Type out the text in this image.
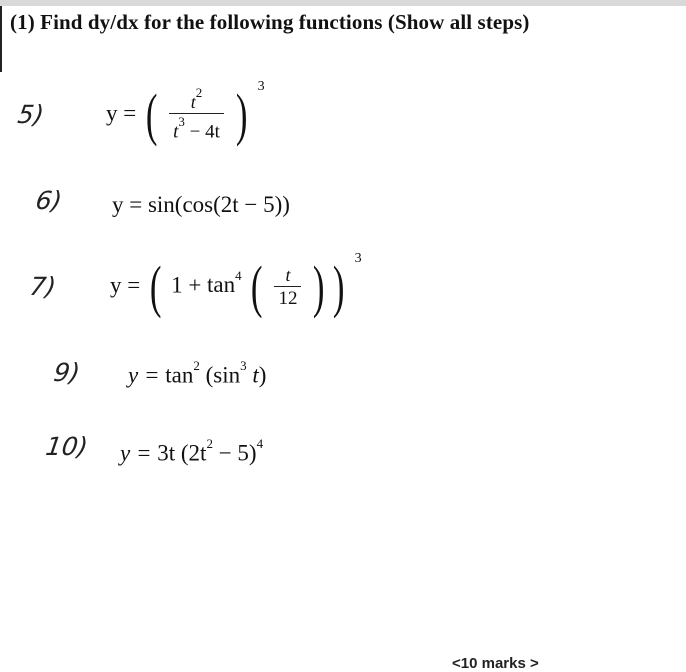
(1) Find dy/dx for the following functions (Show all steps)
5)	y = ( $\frac{t^2}{t^3 - 4t}$ ) $^3$
6) y = sin(cos(2t − 5))
7) y = ( $1 + \tan^4$ ( $\frac{t}{12}$ ) ) $^3$
9) $y = \tan^2 (\sin^3$ t)
10) y = 3t $(2t^2 - 5)^4$
<10 marks >
